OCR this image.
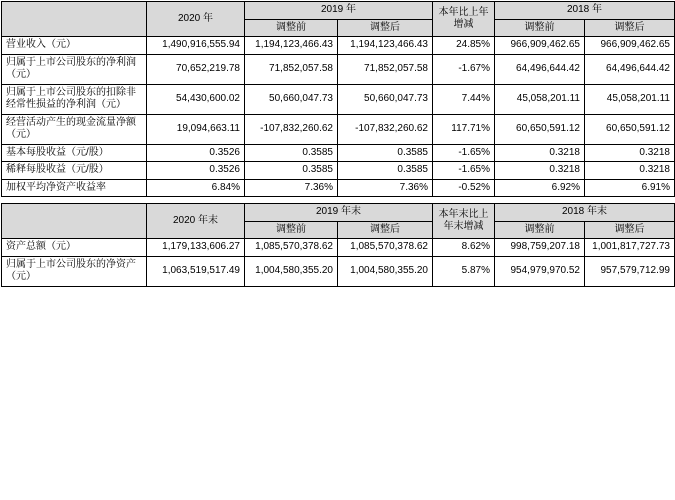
	2020 年	2019 年		本年比上年增减	2018 年	
		调整前	调整后		调整前	调整后
营业收入（元）	1,490,916,555.94	1,194,123,466.43	1,194,123,466.43	24.85%	966,909,462.65	966,909,462.65
归属于上市公司股东的净利润（元）	70,652,219.78	71,852,057.58	71,852,057.58	-1.67%	64,496,644.42	64,496,644.42
归属于上市公司股东的扣除非经常性损益的净利润（元）	54,430,600.02	50,660,047.73	50,660,047.73	7.44%	45,058,201.11	45,058,201.11
经营活动产生的现金流量净额（元）	19,094,663.11	-107,832,260.62	-107,832,260.62	117.71%	60,650,591.12	60,650,591.12
基本每股收益（元/股）	0.3526	0.3585	0.3585	-1.65%	0.3218	0.3218
稀释每股收益（元/股）	0.3526	0.3585	0.3585	-1.65%	0.3218	0.3218
加权平均净资产收益率	6.84%	7.36%	7.36%	-0.52%	6.92%	6.91%
	2020 年末	2019 年末		本年末比上年末增减	2018 年末	
		调整前	调整后		调整前	调整后
资产总额（元）	1,179,133,606.27	1,085,570,378.62	1,085,570,378.62	8.62%	998,759,207.18	1,001,817,727.73
归属于上市公司股东的净资产（元）	1,063,519,517.49	1,004,580,355.20	1,004,580,355.20	5.87%	954,979,970.52	957,579,712.99
